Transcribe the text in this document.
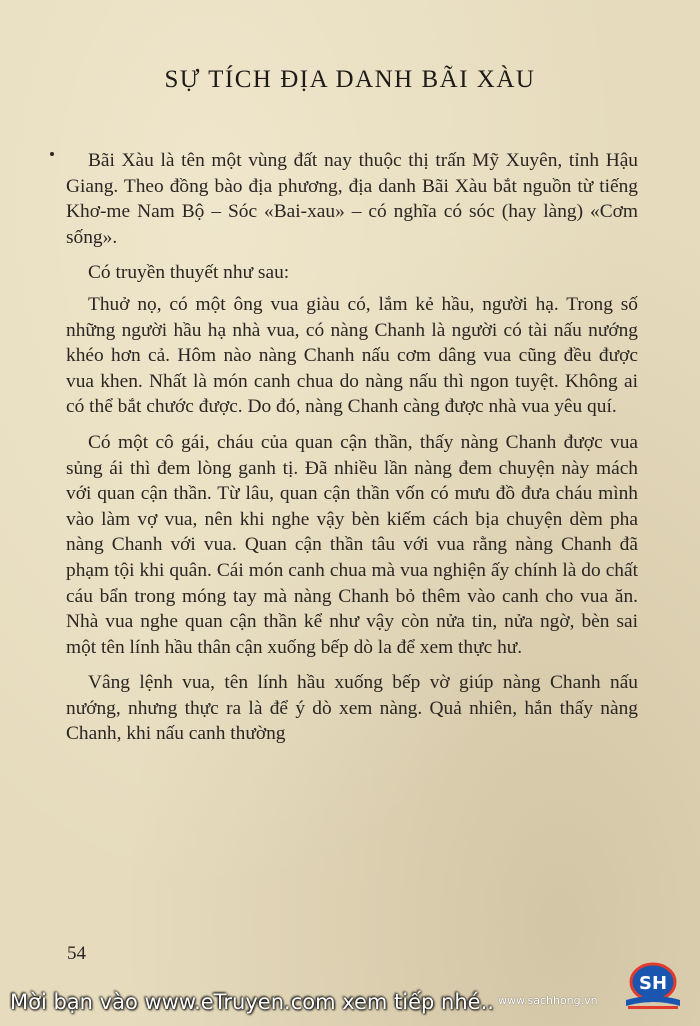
SỰ TÍCH ĐỊA DANH BÃI XÀU

Bãi Xàu là tên một vùng đất nay thuộc thị trấn Mỹ Xuyên, tỉnh Hậu Giang. Theo đồng bào địa phương, địa danh Bãi Xàu bắt nguồn từ tiếng Khơ-me Nam Bộ – Sóc «Bai-xau» – có nghĩa có sóc (hay làng) «Cơm sống».

Có truyền thuyết như sau:

Thuở nọ, có một ông vua giàu có, lắm kẻ hầu, người hạ. Trong số những người hầu hạ nhà vua, có nàng Chanh là người có tài nấu nướng khéo hơn cả. Hôm nào nàng Chanh nấu cơm dâng vua cũng đều được vua khen. Nhất là món canh chua do nàng nấu thì ngon tuyệt. Không ai có thể bắt chước được. Do đó, nàng Chanh càng được nhà vua yêu quí.

Có một cô gái, cháu của quan cận thần, thấy nàng Chanh được vua sủng ái thì đem lòng ganh tị. Đã nhiều lần nàng đem chuyện này mách với quan cận thần. Từ lâu, quan cận thần vốn có mưu đồ đưa cháu mình vào làm vợ vua, nên khi nghe vậy bèn kiếm cách bịa chuyện dèm pha nàng Chanh với vua. Quan cận thần tâu với vua rằng nàng Chanh đã phạm tội khi quân. Cái món canh chua mà vua nghiện ấy chính là do chất cáu bẩn trong móng tay mà nàng Chanh bỏ thêm vào canh cho vua ăn. Nhà vua nghe quan cận thần kể như vậy còn nửa tin, nửa ngờ, bèn sai một tên lính hầu thân cận xuống bếp dò la để xem thực hư.

Vâng lệnh vua, tên lính hầu xuống bếp vờ giúp nàng Chanh nấu nướng, nhưng thực ra là để ý dò xem nàng. Quả nhiên, hắn thấy nàng Chanh, khi nấu canh thường

54
Mời bạn vào www.eTruyen.com xem tiếp nhé.. www.sachhong.vn
SH
